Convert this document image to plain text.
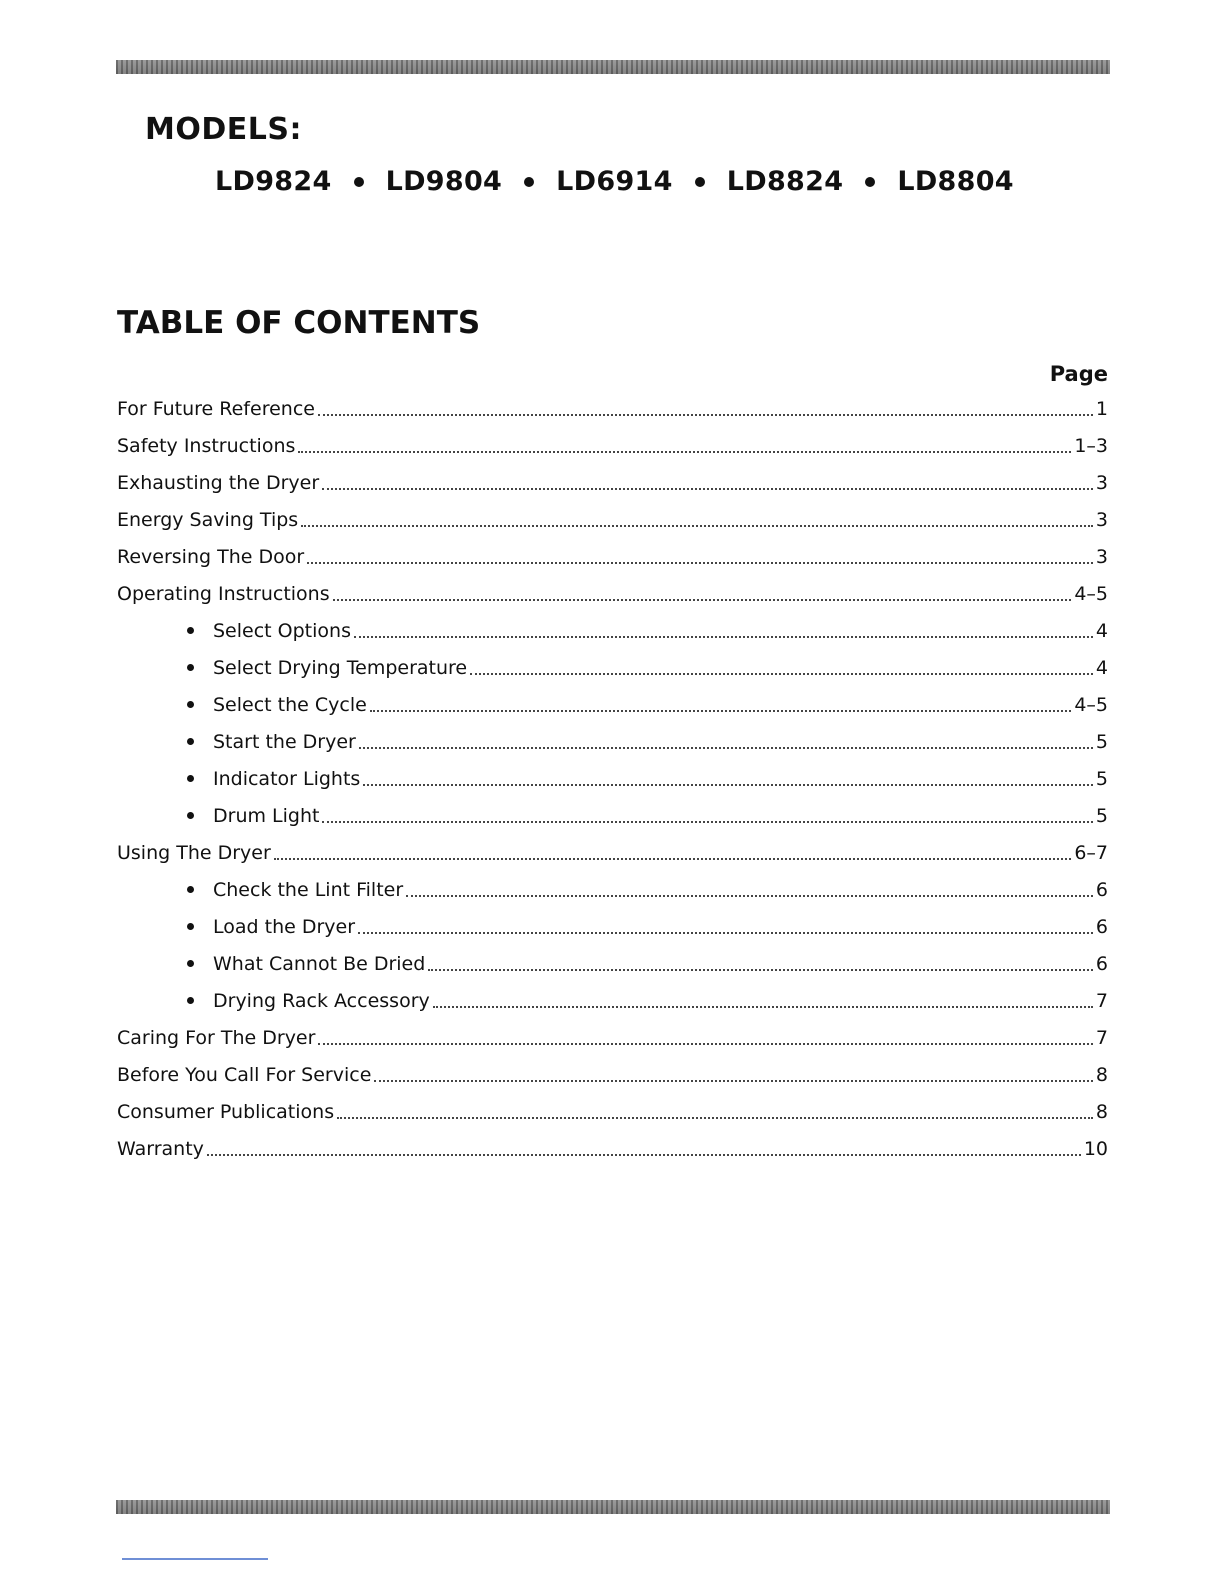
MODELS:
LD9824 LD9804 LD6914 LD8824 LD8804
TABLE OF CONTENTS
Page
For Future Reference	1
Safety Instructions	1–3
Exhausting the Dryer	3
Energy Saving Tips	3
Reversing The Door	3
Operating Instructions	4–5
Select Options	4
Select Drying Temperature	4
Select the Cycle	4–5
Start the Dryer	5
Indicator Lights	5
Drum Light	5
Using The Dryer	6–7
Check the Lint Filter	6
Load the Dryer	6
What Cannot Be Dried	6
Drying Rack Accessory	7
Caring For The Dryer	7
Before You Call For Service	8
Consumer Publications	8
Warranty	10
